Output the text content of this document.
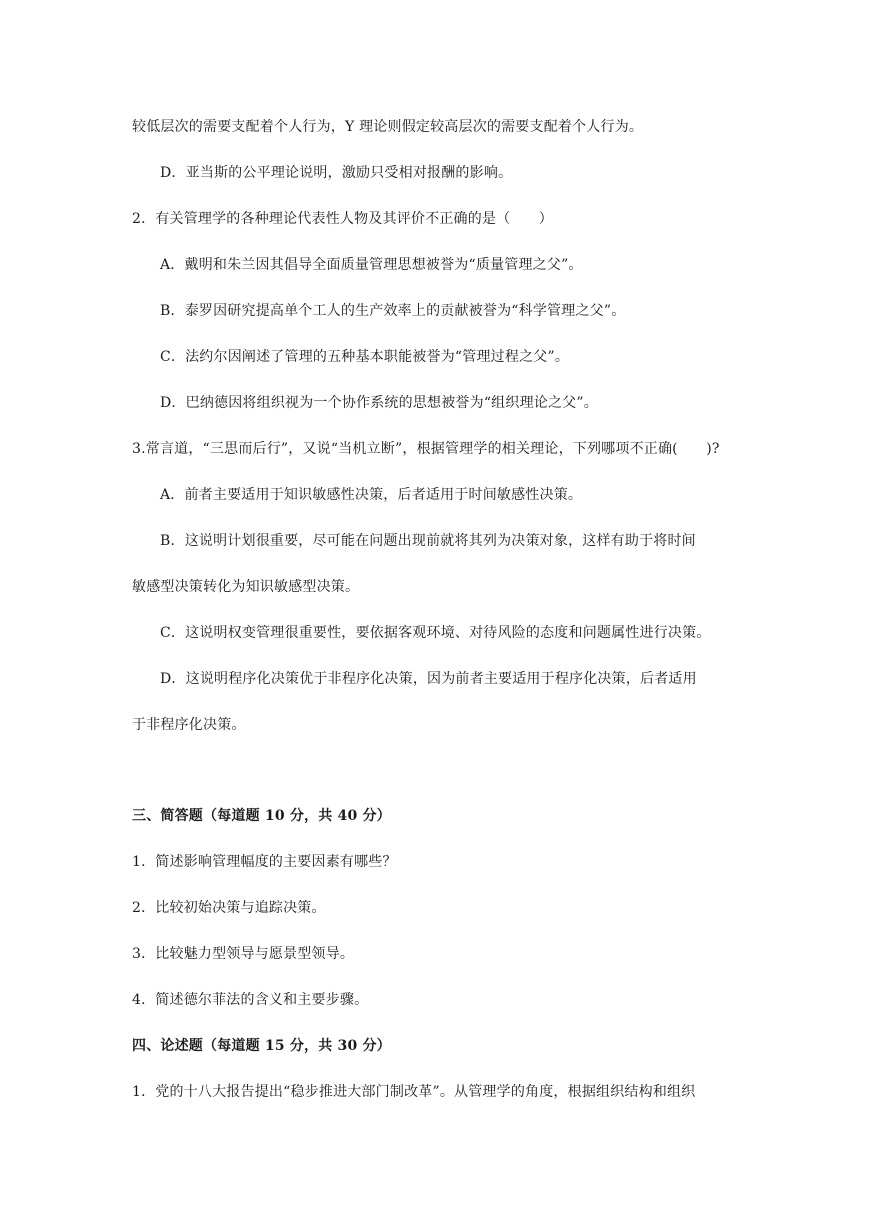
较低层次的需要支配着个人行为，Y 理论则假定较高层次的需要支配着个人行为。
D．亚当斯的公平理论说明，激励只受相对报酬的影响。
2．有关管理学的各种理论代表性人物及其评价不正确的是（　　）
A．戴明和朱兰因其倡导全面质量管理思想被誉为“质量管理之父”。
B．泰罗因研究提高单个工人的生产效率上的贡献被誉为“科学管理之父”。
C．法约尔因阐述了管理的五种基本职能被誉为“管理过程之父”。
D．巴纳德因将组织视为一个协作系统的思想被誉为“组织理论之父”。
3.常言道，“三思而后行”，又说“当机立断”，根据管理学的相关理论，下列哪项不正确(　　)?
A．前者主要适用于知识敏感性决策，后者适用于时间敏感性决策。
B．这说明计划很重要，尽可能在问题出现前就将其列为决策对象，这样有助于将时间
敏感型决策转化为知识敏感型决策。
C．这说明权变管理很重要性，要依据客观环境、对待风险的态度和问题属性进行决策。
D．这说明程序化决策优于非程序化决策，因为前者主要适用于程序化决策，后者适用
于非程序化决策。
三、简答题（每道题 10 分，共 40 分）
1．简述影响管理幅度的主要因素有哪些？
2．比较初始决策与追踪决策。
3．比较魅力型领导与愿景型领导。
4．简述德尔菲法的含义和主要步骤。
四、论述题（每道题 15 分，共 30 分）
1．党的十八大报告提出“稳步推进大部门制改革”。从管理学的角度，根据组织结构和组织
